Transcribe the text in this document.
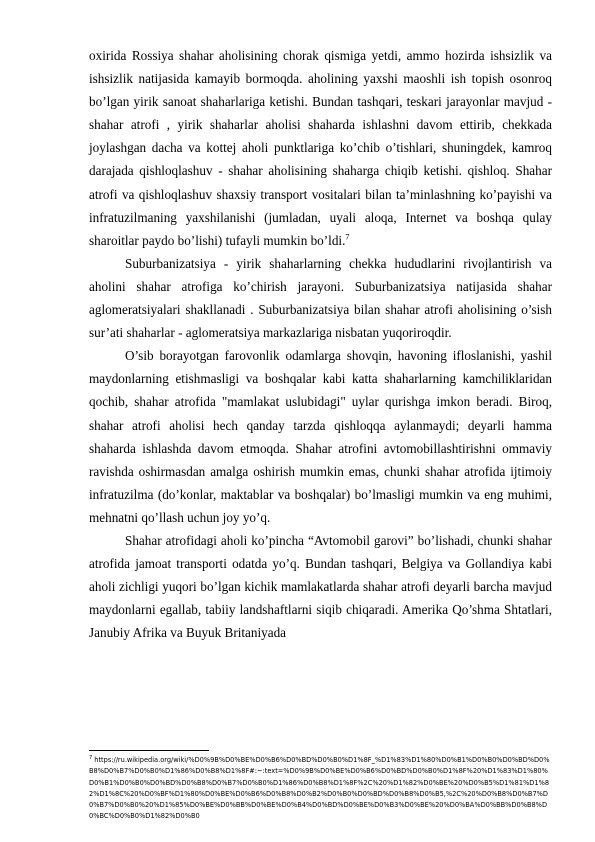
oxirida Rossiya shahar aholisining chorak qismiga yetdi, ammo hozirda ishsizlik va ishsizlik natijasida kamayib bormoqda. aholining yaxshi maoshli ish topish osonroq bo’lgan yirik sanoat shaharlariga ketishi. Bundan tashqari, teskari jarayonlar mavjud - shahar atrofi , yirik shaharlar aholisi shaharda ishlashni davom ettirib, chekkada joylashgan dacha va kottej aholi punktlariga ko’chib o’tishlari, shuningdek, kamroq darajada qishloqlashuv - shahar aholisining shaharga chiqib ketishi. qishloq. Shahar atrofi va qishloqlashuv shaxsiy transport vositalari bilan ta’minlashning ko’payishi va infratuzilmaning yaxshilanishi (jumladan, uyali aloqa, Internet va boshqa qulay sharoitlar paydo bo’lishi) tufayli mumkin bo’ldi.$^7$

Suburbanizatsiya - yirik shaharlarning chekka hududlarini rivojlantirish va aholini shahar atrofiga ko’chirish jarayoni. Suburbanizatsiya natijasida shahar aglomeratsiyalari shakllanadi . Suburbanizatsiya bilan shahar atrofi aholisining o’sish sur’ati shaharlar - aglomeratsiya markazlariga nisbatan yuqoriroqdir.

O’sib borayotgan farovonlik odamlarga shovqin, havoning ifloslanishi, yashil maydonlarning etishmasligi va boshqalar kabi katta shaharlarning kamchiliklaridan qochib, shahar atrofida "mamlakat uslubidagi" uylar qurishga imkon beradi. Biroq, shahar atrofi aholisi hech qanday tarzda qishloqqa aylanmaydi; deyarli hamma shaharda ishlashda davom etmoqda. Shahar atrofini avtomobillashtirishni ommaviy ravishda oshirmasdan amalga oshirish mumkin emas, chunki shahar atrofida ijtimoiy infratuzilma (do’konlar, maktablar va boshqalar) bo’lmasligi mumkin va eng muhimi, mehnatni qo’llash uchun joy yo’q.

Shahar atrofidagi aholi ko’pincha “Avtomobil garovi” bo’lishadi, chunki shahar atrofida jamoat transporti odatda yo’q. Bundan tashqari, Belgiya va Gollandiya kabi aholi zichligi yuqori bo’lgan kichik mamlakatlarda shahar atrofi deyarli barcha mavjud maydonlarni egallab, tabiiy landshaftlarni siqib chiqaradi. Amerika Qo’shma Shtatlari, Janubiy Afrika va Buyuk Britaniyada

$^7$ https://ru.wikipedia.org/wiki/%D0%9B%D0%BE%D0%B6%D0%BD%D0%B0%D1%8F_%D1%83%D1%80%D0%B1%D0%B0%D0%BD%D0%B8%D0%B7%D0%B0%D1%86%D0%B8%D1%8F#:~:text=%D0%9B%D0%BE%D0%B6%D0%BD%D0%B0%D1%8F%20%D1%83%D1%80%D0%B1%D0%B0%D0%BD%D0%B8%D0%B7%D0%B0%D1%86%D0%B8%D1%8F%2C%20%D1%82%D0%BE%20%D0%B5%D1%81%D1%82%D1%8C%20%D0%BF%D1%80%D0%BE%D0%B6%D0%B8%D0%B2%D0%B0%D0%BD%D0%B8%D0%B5,%2C%20%D0%B8%D0%B7%D0%B7%D0%B0%20%D1%85%D0%BE%D0%BB%D0%BE%D0%B4%D0%BD%D0%BE%D0%B3%D0%BE%20%D0%BA%D0%BB%D0%B8%D0%BC%D0%B0%D1%82%D0%B0
